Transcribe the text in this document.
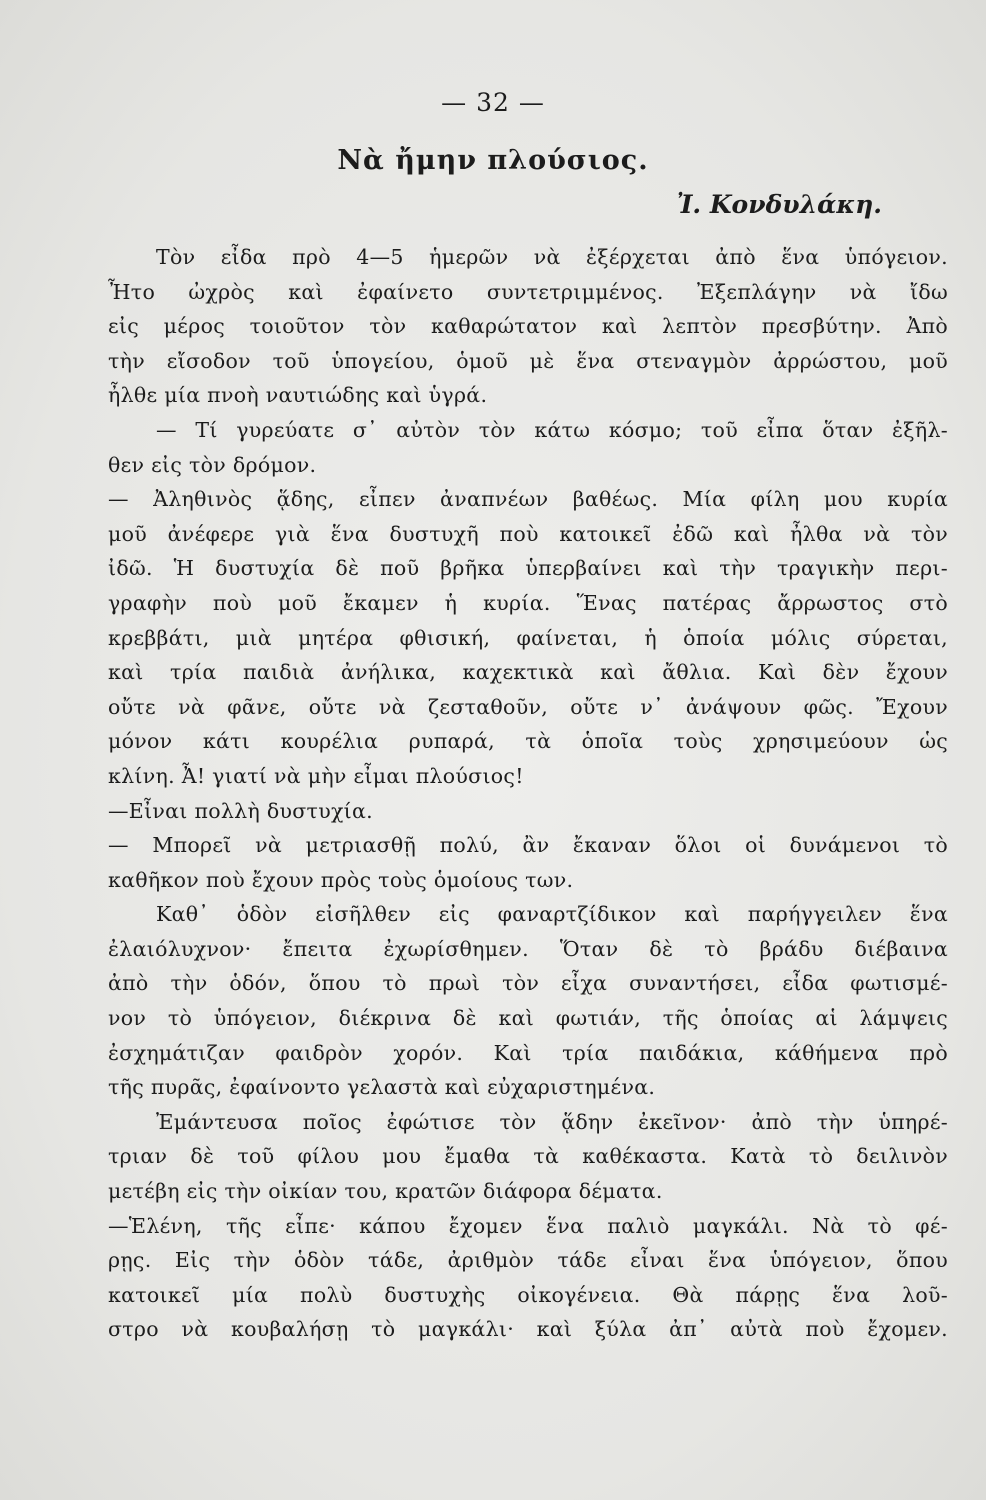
— 32 —
Νὰ ἤμην πλούσιος.
Ἰ. Κονδυλάκη.
Τὸν εἶδα πρὸ 4—5 ἡμερῶν νὰ ἐξέρχεται ἀπὸ ἕνα ὑπόγειον.
Ἦτο ὠχρὸς καὶ ἐφαίνετο συντετριμμένος. Ἐξεπλάγην νὰ ἴδω
εἰς μέρος τοιοῦτον τὸν καθαρώτατον καὶ λεπτὸν πρεσβύτην. Ἀπὸ
τὴν εἴσοδον τοῦ ὑπογείου, ὁμοῦ μὲ ἕνα στεναγμὸν ἀρρώστου, μοῦ
ἦλθε μία πνοὴ ναυτιώδης καὶ ὑγρά.
— Τί γυρεύατε σ᾽ αὐτὸν τὸν κάτω κόσμο; τοῦ εἶπα ὅταν ἐξῆλ-
θεν εἰς τὸν δρόμον.
— Ἀληθινὸς ᾅδης, εἶπεν ἀναπνέων βαθέως. Μία φίλη μου κυρία
μοῦ ἀνέφερε γιὰ ἕνα δυστυχῆ ποὺ κατοικεῖ ἐδῶ καὶ ἦλθα νὰ τὸν
ἰδῶ. Ἡ δυστυχία δὲ ποῦ βρῆκα ὑπερβαίνει καὶ τὴν τραγικὴν περι-
γραφὴν ποὺ μοῦ ἔκαμεν ἡ κυρία. Ἕνας πατέρας ἄρρωστος στὸ
κρεββάτι, μιὰ μητέρα φθισική, φαίνεται, ἡ ὁποία μόλις σύρεται,
καὶ τρία παιδιὰ ἀνήλικα, καχεκτικὰ καὶ ἄθλια. Καὶ δὲν ἔχουν
οὔτε νὰ φᾶνε, οὔτε νὰ ζεσταθοῦν, οὔτε ν᾽ ἀνάψουν φῶς. Ἔχουν
μόνον κάτι κουρέλια ρυπαρά, τὰ ὁποῖα τοὺς χρησιμεύουν ὡς
κλίνη. Ἆ! γιατί νὰ μὴν εἶμαι πλούσιος!
—Εἶναι πολλὴ δυστυχία.
— Μπορεῖ νὰ μετριασθῇ πολύ, ἂν ἔκαναν ὅλοι οἱ δυνάμενοι τὸ
καθῆκον ποὺ ἔχουν πρὸς τοὺς ὁμοίους των.
Καθ᾽ ὁδὸν εἰσῆλθεν εἰς φαναρτζίδικον καὶ παρήγγειλεν ἕνα
ἐλαιόλυχνον· ἔπειτα ἐχωρίσθημεν. Ὅταν δὲ τὸ βράδυ διέβαινα
ἀπὸ τὴν ὁδόν, ὅπου τὸ πρωὶ τὸν εἶχα συναντήσει, εἶδα φωτισμέ-
νον τὸ ὑπόγειον, διέκρινα δὲ καὶ φωτιάν, τῆς ὁποίας αἱ λάμψεις
ἐσχημάτιζαν φαιδρὸν χορόν. Καὶ τρία παιδάκια, κάθήμενα πρὸ
τῆς πυρᾶς, ἐφαίνοντο γελαστὰ καὶ εὐχαριστημένα.
Ἐμάντευσα ποῖος ἐφώτισε τὸν ᾅδην ἐκεῖνον· ἀπὸ τὴν ὑπηρέ-
τριαν δὲ τοῦ φίλου μου ἔμαθα τὰ καθέκαστα. Κατὰ τὸ δειλινὸν
μετέβη εἰς τὴν οἰκίαν του, κρατῶν διάφορα δέματα.
—Ἑλένη, τῆς εἶπε· κάπου ἔχομεν ἕνα παλιὸ μαγκάλι. Νὰ τὸ φέ-
ρῃς. Εἰς τὴν ὁδὸν τάδε, ἀριθμὸν τάδε εἶναι ἕνα ὑπόγειον, ὅπου
κατοικεῖ μία πολὺ δυστυχὴς οἰκογένεια. Θὰ πάρῃς ἕνα λοῦ-
στρο νὰ κουβαλήσῃ τὸ μαγκάλι· καὶ ξύλα ἀπ᾽ αὐτὰ ποὺ ἔχομεν.
